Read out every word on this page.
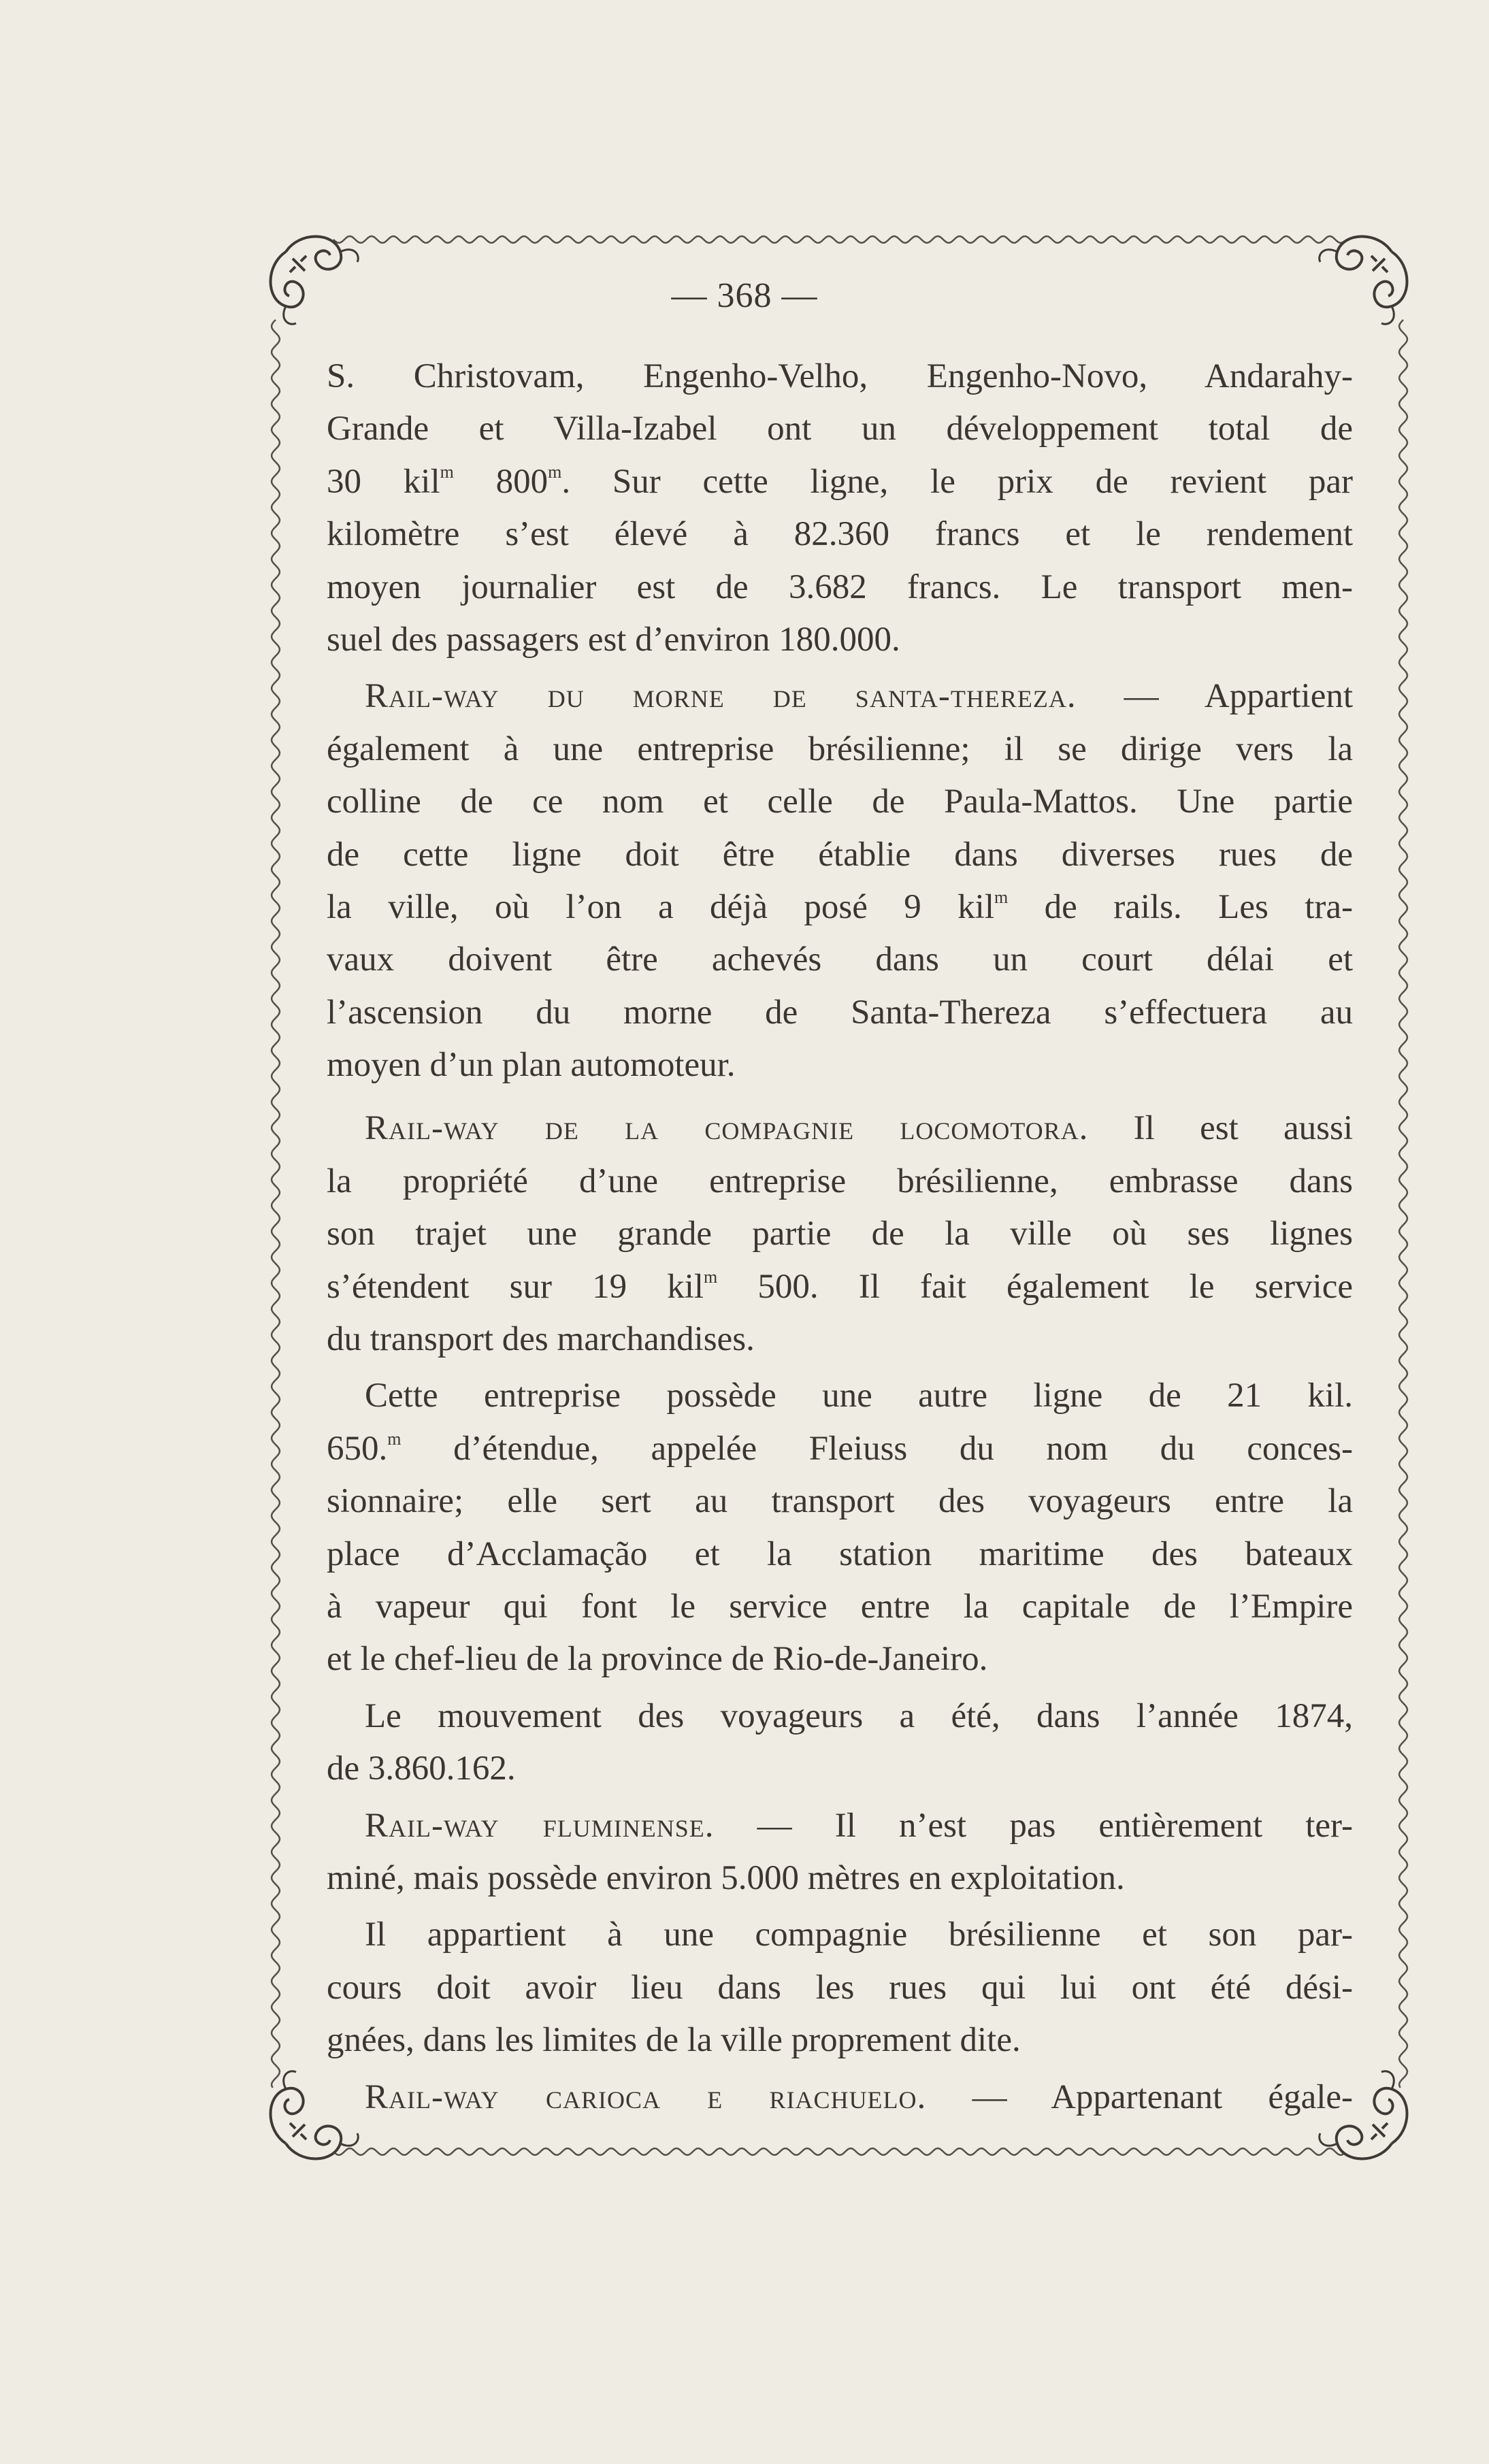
— 368 —
S. Christovam, Engenho-Velho, Engenho-Novo, Andarahy-
Grande et Villa-Izabel ont un développement total de
30 kil$^m$ 800$^m$. Sur cette ligne, le prix de revient par
kilomètre s’est élevé à 82.360 francs et le rendement
moyen journalier est de 3.682 francs. Le transport men-
suel des passagers est d’environ 180.000.
Rail-way du morne de santa-thereza. — Appartient
également à une entreprise brésilienne; il se dirige vers la
colline de ce nom et celle de Paula-Mattos. Une partie
de cette ligne doit être établie dans diverses rues de
la ville, où l’on a déjà posé 9 kil$^m$ de rails. Les tra-
vaux doivent être achevés dans un court délai et
l’ascension du morne de Santa-Thereza s’effectuera au
moyen d’un plan automoteur.
Rail-way de la compagnie locomotora. Il est aussi
la propriété d’une entreprise brésilienne, embrasse dans
son trajet une grande partie de la ville où ses lignes
s’étendent sur 19 kil$^m$ 500. Il fait également le service
du transport des marchandises.
Cette entreprise possède une autre ligne de 21 kil.
650.$^m$ d’étendue, appelée Fleiuss du nom du conces-
sionnaire; elle sert au transport des voyageurs entre la
place d’Acclamação et la station maritime des bateaux
à vapeur qui font le service entre la capitale de l’Empire
et le chef-lieu de la province de Rio-de-Janeiro.
Le mouvement des voyageurs a été, dans l’année 1874,
de 3.860.162.
Rail-way fluminense. — Il n’est pas entièrement ter-
miné, mais possède environ 5.000 mètres en exploitation.
Il appartient à une compagnie brésilienne et son par-
cours doit avoir lieu dans les rues qui lui ont été dési-
gnées, dans les limites de la ville proprement dite.
Rail-way carioca e riachuelo. — Appartenant égale-
